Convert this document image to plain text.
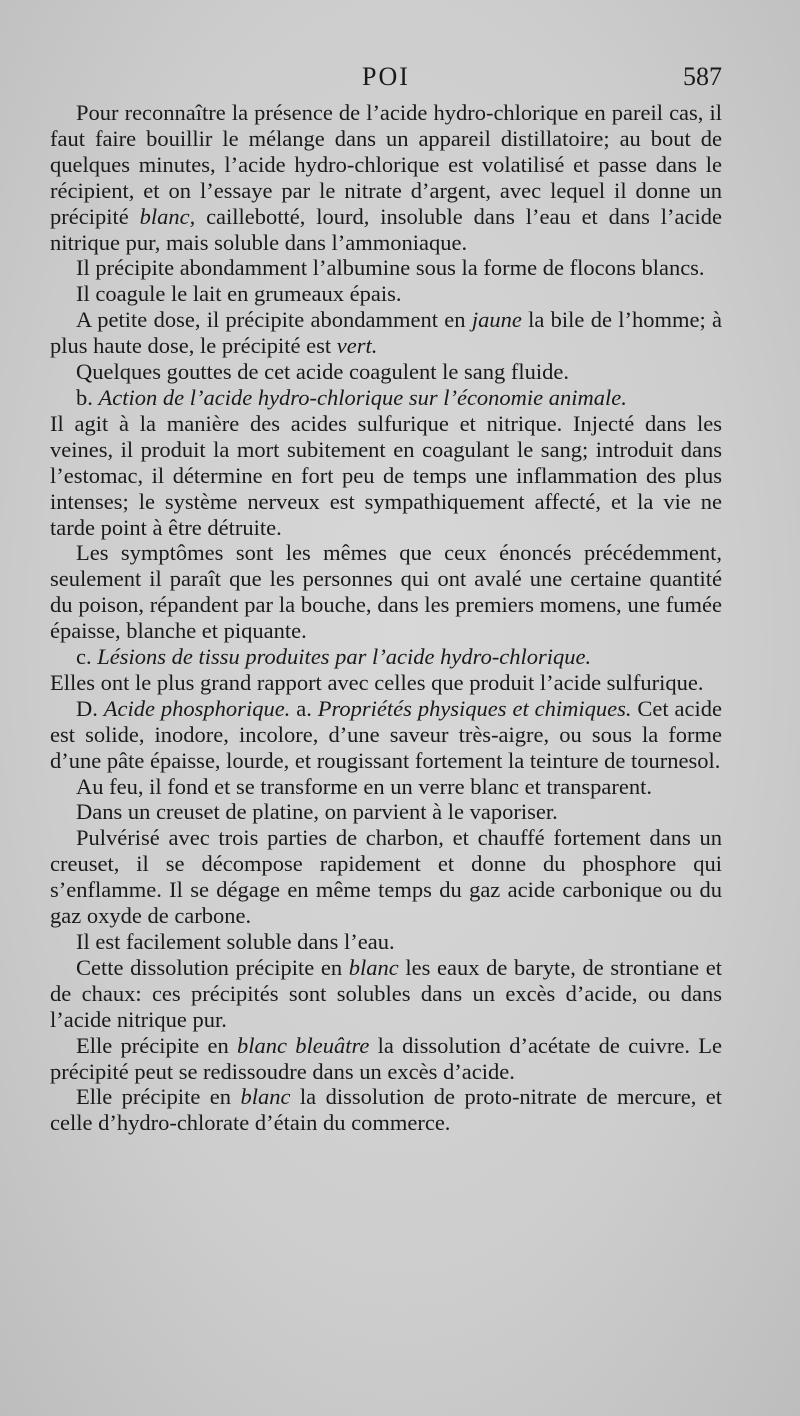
POI	587

Pour reconnaître la présence de l’acide hydro-chlorique en pareil cas, il faut faire bouillir le mélange dans un appareil distillatoire; au bout de quelques minutes, l’acide hydro-chlorique est volatilisé et passe dans le récipient, et on l’essaye par le nitrate d’argent, avec lequel il donne un précipité blanc, caillebotté, lourd, insoluble dans l’eau et dans l’acide nitrique pur, mais soluble dans l’ammoniaque.

Il précipite abondamment l’albumine sous la forme de flocons blancs.

Il coagule le lait en grumeaux épais.

A petite dose, il précipite abondamment en jaune la bile de l’homme; à plus haute dose, le précipité est vert.

Quelques gouttes de cet acide coagulent le sang fluide.

b. Action de l’acide hydro-chlorique sur l’économie animale.

Il agit à la manière des acides sulfurique et nitrique. Injecté dans les veines, il produit la mort subitement en coagulant le sang; introduit dans l’estomac, il détermine en fort peu de temps une inflammation des plus intenses; le système nerveux est sympathiquement affecté, et la vie ne tarde point à être détruite.

Les symptômes sont les mêmes que ceux énoncés précédemment, seulement il paraît que les personnes qui ont avalé une certaine quantité du poison, répandent par la bouche, dans les premiers momens, une fumée épaisse, blanche et piquante.

c. Lésions de tissu produites par l’acide hydro-chlorique.

Elles ont le plus grand rapport avec celles que produit l’acide sulfurique.

D. Acide phosphorique. a. Propriétés physiques et chimiques. Cet acide est solide, inodore, incolore, d’une saveur très-aigre, ou sous la forme d’une pâte épaisse, lourde, et rougissant fortement la teinture de tournesol.

Au feu, il fond et se transforme en un verre blanc et transparent.

Dans un creuset de platine, on parvient à le vaporiser.

Pulvérisé avec trois parties de charbon, et chauffé fortement dans un creuset, il se décompose rapidement et donne du phosphore qui s’enflamme. Il se dégage en même temps du gaz acide carbonique ou du gaz oxyde de carbone.

Il est facilement soluble dans l’eau.

Cette dissolution précipite en blanc les eaux de baryte, de strontiane et de chaux: ces précipités sont solubles dans un excès d’acide, ou dans l’acide nitrique pur.

Elle précipite en blanc bleuâtre la dissolution d’acétate de cuivre. Le précipité peut se redissoudre dans un excès d’acide.

Elle précipite en blanc la dissolution de proto-nitrate de mercure, et celle d’hydro-chlorate d’étain du commerce.
